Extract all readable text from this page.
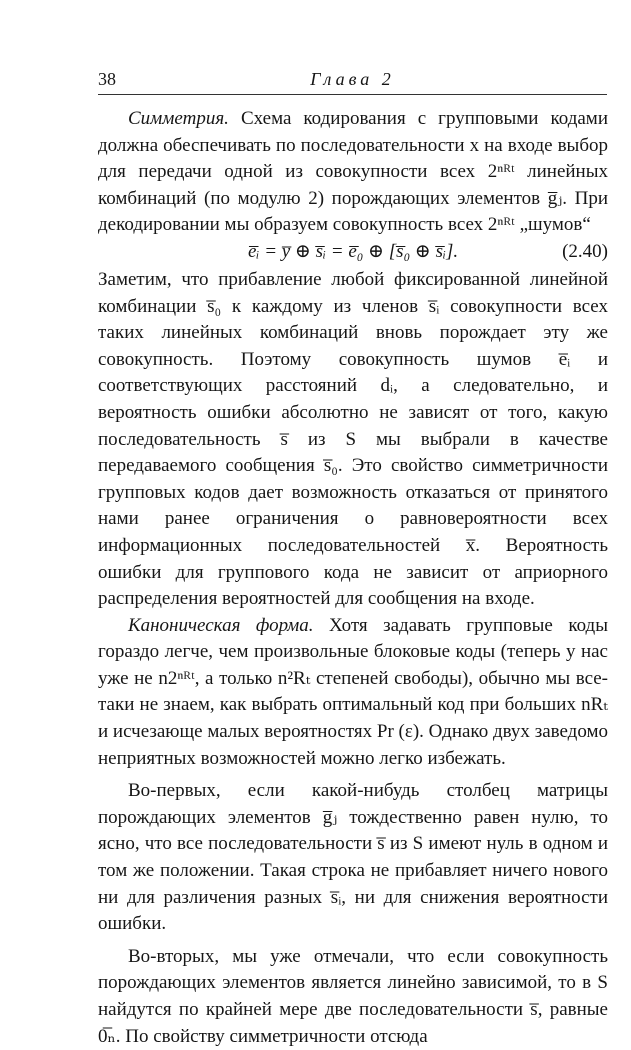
38	Глава 2

Симметрия. Схема кодирования с групповыми кодами должна обеспечивать по последовательности x на входе выбор для передачи одной из совокупности всех 2ⁿᴿᵗ линейных комбинаций (по модулю 2) порождающих элементов g̅ⱼ. При декодировании мы образуем совокупность всех 2ⁿᴿᵗ „шумов“

e̅ᵢ = y̅ ⊕ s̅ᵢ = e̅₀ ⊕ [s̅₀ ⊕ s̅ᵢ].	(2.40)

Заметим, что прибавление любой фиксированной линейной комбинации s̅₀ к каждому из членов s̅ᵢ совокупности всех таких линейных комбинаций вновь порождает эту же совокупность. Поэтому совокупность шумов e̅ᵢ и соответствующих расстояний dᵢ, а следовательно, и вероятность ошибки абсолютно не зависят от того, какую последовательность s̅ из S мы выбрали в качестве передаваемого сообщения s̅₀. Это свойство симметричности групповых кодов дает возможность отказаться от принятого нами ранее ограничения о равновероятности всех информационных последовательностей x̅. Вероятность ошибки для группового кода не зависит от априорного распределения вероятностей для сообщения на входе.

Каноническая форма. Хотя задавать групповые коды гораздо легче, чем произвольные блоковые коды (теперь у нас уже не n2ⁿᴿᵗ, а только n²Rₜ степеней свободы), обычно мы все-таки не знаем, как выбрать оптимальный код при больших nRₜ и исчезающе малых вероятностях Pr (ε). Однако двух заведомо неприятных возможностей можно легко избежать.

Во-первых, если какой-нибудь столбец матрицы порождающих элементов g̅ⱼ тождественно равен нулю, то ясно, что все последовательности s̅ из S имеют нуль в одном и том же положении. Такая строка не прибавляет ничего нового ни для различения разных s̅ᵢ, ни для снижения вероятности ошибки.

Во-вторых, мы уже отмечали, что если совокупность порождающих элементов является линейно зависимой, то в S найдутся по крайней мере две последовательности s̅, равные 0̅ₙ. По свойству симметричности отсюда
